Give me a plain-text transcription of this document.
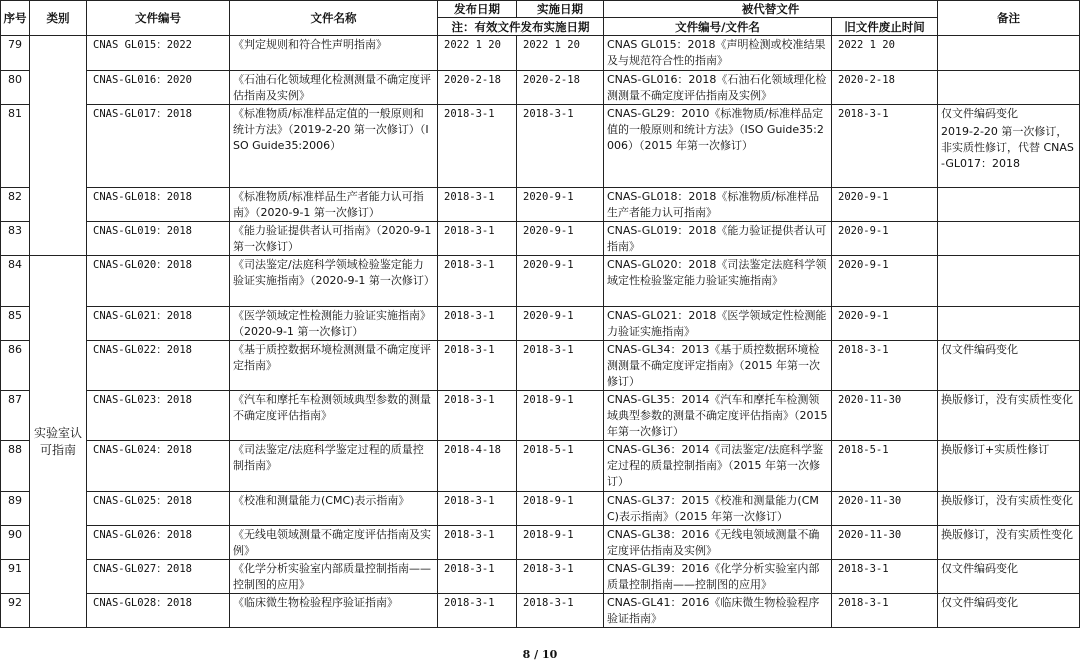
序号	类别	文件编号	文件名称	发布日期	实施日期	被代替文件		备注
				注：有效文件发布实施日期		文件编号/文件名	旧文件废止时间	
79		CNAS GL015：2022	《判定规则和符合性声明指南》	2022 1 20	2022 1 20	CNAS GL015：2018《声明检测或校准结果及与规范符合性的指南》	2022 1 20	
80		CNAS-GL016：2020	《石油石化领域理化检测测量不确定度评估指南及实例》	2020-2-18	2020-2-18	CNAS-GL016：2018《石油石化领域理化检测测量不确定度评估指南及实例》	2020-2-18	
81		CNAS-GL017：2018	《标准物质/标准样品定值的一般原则和统计方法》（2019-2-20 第一次修订）（ISO Guide35:2006）	2018-3-1	2018-3-1	CNAS-GL29：2010《标准物质/标准样品定值的一般原则和统计方法》（ISO Guide35:2006）（2015 年第一次修订）	2018-3-1	仅文件编码变化
2019-2-20 第一次修订，非实质性修订，代替 CNAS-GL017：2018

82		CNAS-GL018：2018	《标准物质/标准样品生产者能力认可指南》（2020-9-1 第一次修订）	2018-3-1	2020-9-1	CNAS-GL018：2018《标准物质/标准样品生产者能力认可指南》	2020-9-1	
83		CNAS-GL019：2018	《能力验证提供者认可指南》（2020-9-1 第一次修订）	2018-3-1	2020-9-1	CNAS-GL019：2018《能力验证提供者认可指南》	2020-9-1	
84	实验室认可指南	CNAS-GL020：2018	《司法鉴定/法庭科学领域检验鉴定能力验证实施指南》（2020-9-1 第一次修订）	2018-3-1	2020-9-1	CNAS-GL020：2018《司法鉴定法庭科学领域定性检验鉴定能力验证实施指南》	2020-9-1	
85		CNAS-GL021：2018	《医学领域定性检测能力验证实施指南》（2020-9-1 第一次修订）	2018-3-1	2020-9-1	CNAS-GL021：2018《医学领域定性检测能力验证实施指南》	2020-9-1	
86		CNAS-GL022：2018	《基于质控数据环境检测测量不确定度评定指南》	2018-3-1	2018-3-1	CNAS-GL34：2013《基于质控数据环境检测测量不确定度评定指南》（2015 年第一次修订）	2018-3-1	仅文件编码变化
87		CNAS-GL023：2018	《汽车和摩托车检测领域典型参数的测量不确定度评估指南》	2018-3-1	2018-9-1	CNAS-GL35：2014《汽车和摩托车检测领域典型参数的测量不确定度评估指南》（2015 年第一次修订）	2020-11-30	换版修订，没有实质性变化
88		CNAS-GL024：2018	《司法鉴定/法庭科学鉴定过程的质量控制指南》	2018-4-18	2018-5-1	CNAS-GL36：2014《司法鉴定/法庭科学鉴定过程的质量控制指南》（2015 年第一次修订）	2018-5-1	换版修订+实质性修订
89		CNAS-GL025：2018	《校准和测量能力(CMC)表示指南》	2018-3-1	2018-9-1	CNAS-GL37：2015《校准和测量能力(CMC)表示指南》（2015 年第一次修订）	2020-11-30	换版修订，没有实质性变化
90		CNAS-GL026：2018	《无线电领域测量不确定度评估指南及实例》	2018-3-1	2018-9-1	CNAS-GL38：2016《无线电领域测量不确定度评估指南及实例》	2020-11-30	换版修订，没有实质性变化
91		CNAS-GL027：2018	《化学分析实验室内部质量控制指南——控制图的应用》	2018-3-1	2018-3-1	CNAS-GL39：2016《化学分析实验室内部质量控制指南——控制图的应用》	2018-3-1	仅文件编码变化
92		CNAS-GL028：2018	《临床微生物检验程序验证指南》	2018-3-1	2018-3-1	CNAS-GL41：2016《临床微生物检验程序验证指南》	2018-3-1	仅文件编码变化
8 / 10
